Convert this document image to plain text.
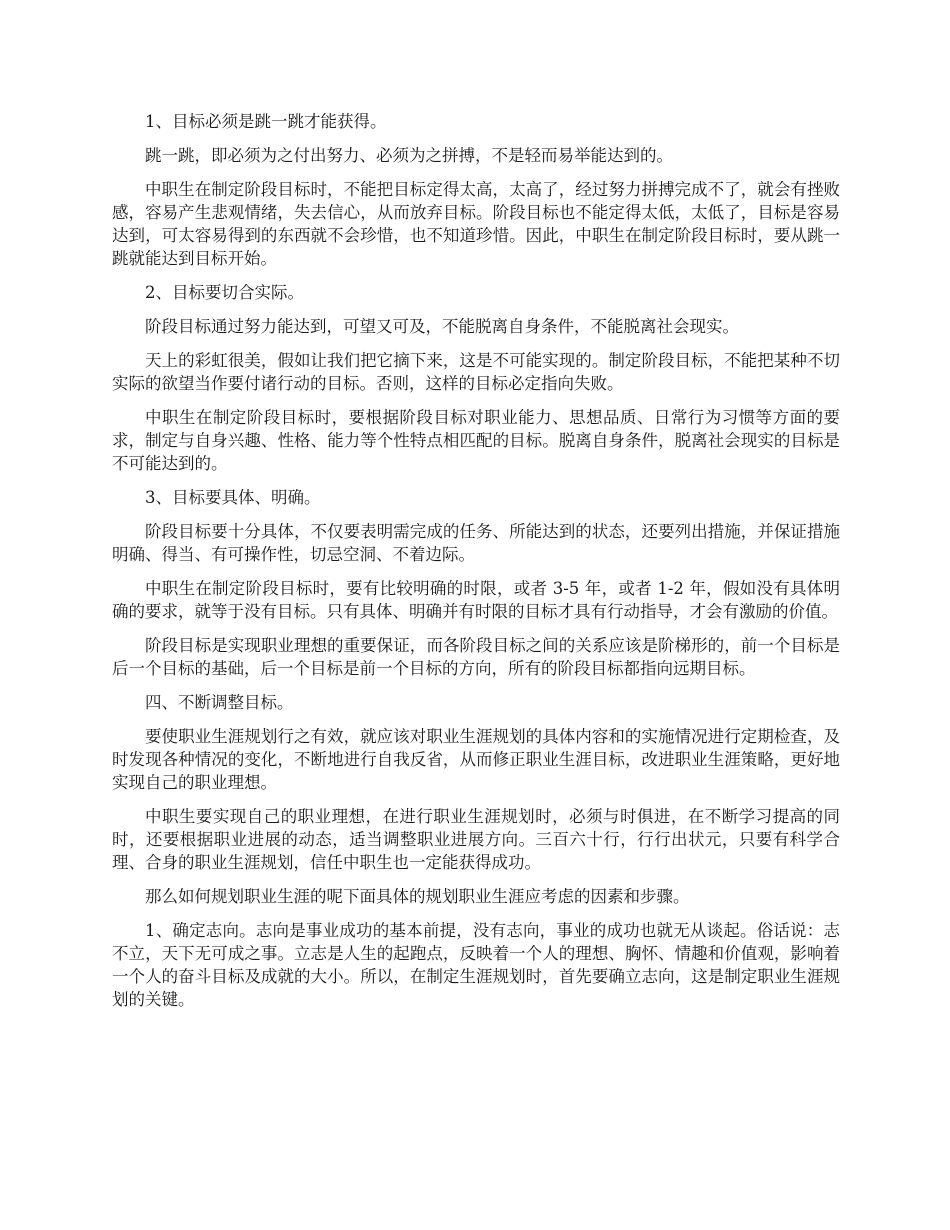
1、目标必须是跳一跳才能获得。

跳一跳，即必须为之付出努力、必须为之拼搏，不是轻而易举能达到的。

中职生在制定阶段目标时，不能把目标定得太高，太高了，经过努力拼搏完成不了，就会有挫败感，容易产生悲观情绪，失去信心，从而放弃目标。阶段目标也不能定得太低，太低了，目标是容易达到，可太容易得到的东西就不会珍惜，也不知道珍惜。因此，中职生在制定阶段目标时，要从跳一跳就能达到目标开始。

2、目标要切合实际。

阶段目标通过努力能达到，可望又可及，不能脱离自身条件，不能脱离社会现实。

天上的彩虹很美，假如让我们把它摘下来，这是不可能实现的。制定阶段目标，不能把某种不切实际的欲望当作要付诸行动的目标。否则，这样的目标必定指向失败。

中职生在制定阶段目标时，要根据阶段目标对职业能力、思想品质、日常行为习惯等方面的要求，制定与自身兴趣、性格、能力等个性特点相匹配的目标。脱离自身条件，脱离社会现实的目标是不可能达到的。

3、目标要具体、明确。

阶段目标要十分具体，不仅要表明需完成的任务、所能达到的状态，还要列出措施，并保证措施明确、得当、有可操作性，切忌空洞、不着边际。

中职生在制定阶段目标时，要有比较明确的时限，或者 3-5 年，或者 1-2 年，假如没有具体明确的要求，就等于没有目标。只有具体、明确并有时限的目标才具有行动指导，才会有激励的价值。

阶段目标是实现职业理想的重要保证，而各阶段目标之间的关系应该是阶梯形的，前一个目标是后一个目标的基础，后一个目标是前一个目标的方向，所有的阶段目标都指向远期目标。

四、不断调整目标。

要使职业生涯规划行之有效，就应该对职业生涯规划的具体内容和的实施情况进行定期检查，及时发现各种情况的变化，不断地进行自我反省，从而修正职业生涯目标，改进职业生涯策略，更好地实现自己的职业理想。

中职生要实现自己的职业理想，在进行职业生涯规划时，必须与时俱进，在不断学习提高的同时，还要根据职业进展的动态，适当调整职业进展方向。三百六十行，行行出状元，只要有科学合理、合身的职业生涯规划，信任中职生也一定能获得成功。

那么如何规划职业生涯的呢下面具体的规划职业生涯应考虑的因素和步骤。

1、确定志向。志向是事业成功的基本前提，没有志向，事业的成功也就无从谈起。俗话说：志不立，天下无可成之事。立志是人生的起跑点，反映着一个人的理想、胸怀、情趣和价值观，影响着一个人的奋斗目标及成就的大小。所以，在制定生涯规划时，首先要确立志向，这是制定职业生涯规划的关键。
